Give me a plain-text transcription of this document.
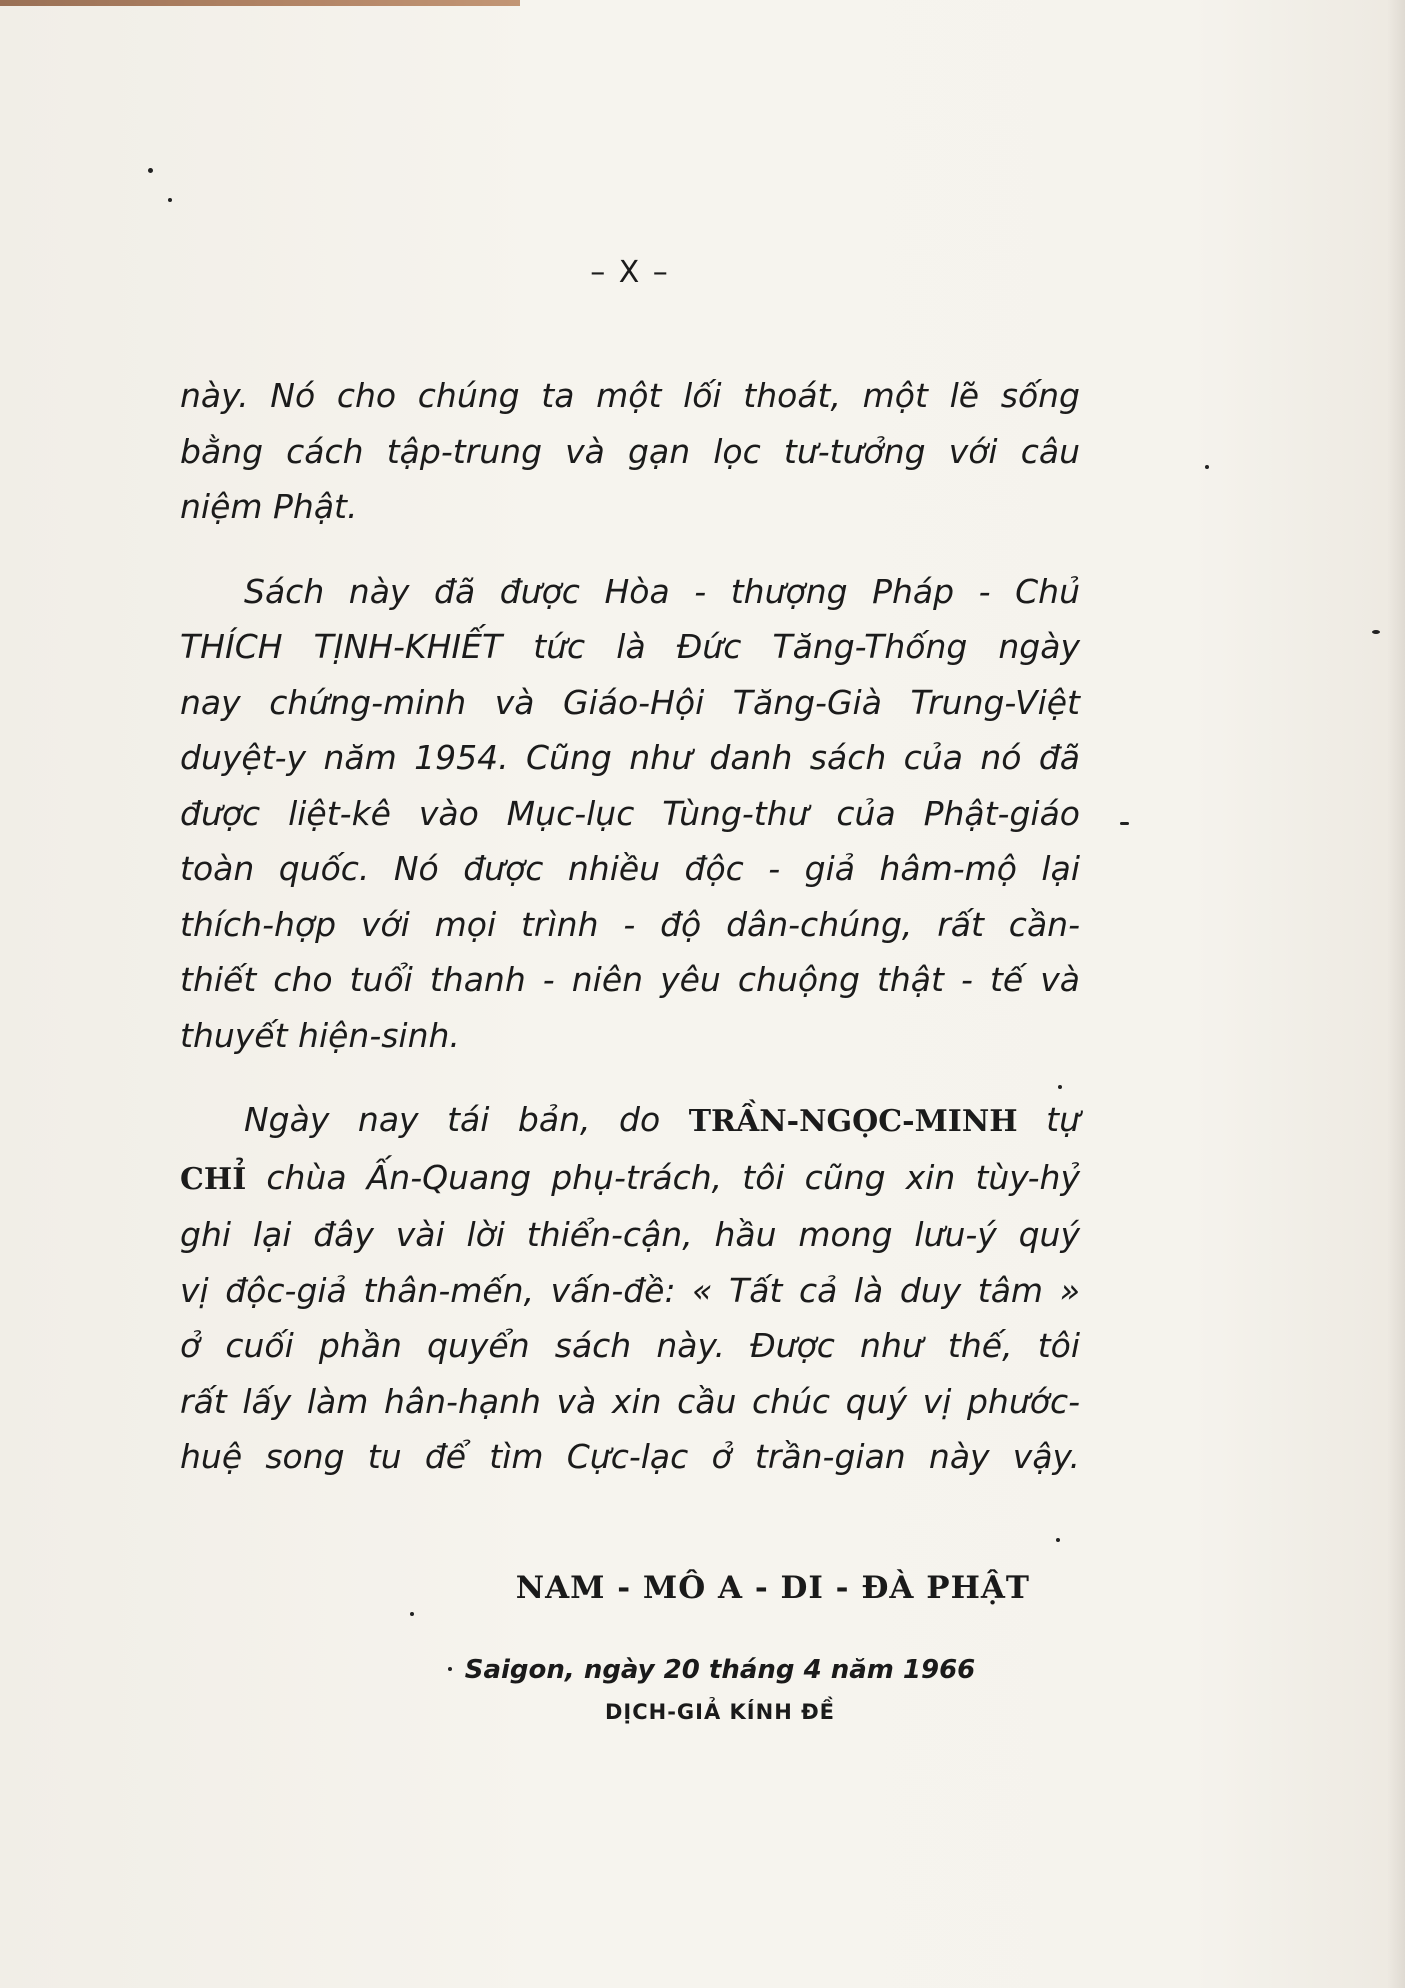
– X –

này. Nó cho chúng ta một lối thoát, một lẽ sống
bằng cách tập-trung và gạn lọc tư-tưởng với câu
niệm Phật.

Sách này đã được Hòa - thượng Pháp - Chủ
THÍCH TỊNH-KHIẾT tức là Đức Tăng-Thống ngày
nay chứng-minh và Giáo-Hội Tăng-Già Trung-Việt
duyệt-y năm 1954. Cũng như danh sách của nó đã
được liệt-kê vào Mục-lục Tùng-thư của Phật-giáo
toàn quốc. Nó được nhiều độc - giả hâm-mộ lại
thích-hợp với mọi trình - độ dân-chúng, rất cần-
thiết cho tuổi thanh - niên yêu chuộng thật - tế và
thuyết hiện-sinh.

Ngày nay tái bản, do TRẦN-NGỌC-MINH tự
CHỈ chùa Ấn-Quang phụ-trách, tôi cũng xin tùy-hỷ
ghi lại đây vài lời thiển-cận, hầu mong lưu-ý quý
vị độc-giả thân-mến, vấn-đề: « Tất cả là duy tâm »
ở cuối phần quyển sách này. Được như thế, tôi
rất lấy làm hân-hạnh và xin cầu chúc quý vị phước-
huệ song tu để tìm Cực-lạc ở trần-gian này vậy.

NAM - MÔ A - DI - ĐÀ PHẬT
Saigon, ngày 20 tháng 4 năm 1966
DỊCH-GIẢ KÍNH ĐỀ
